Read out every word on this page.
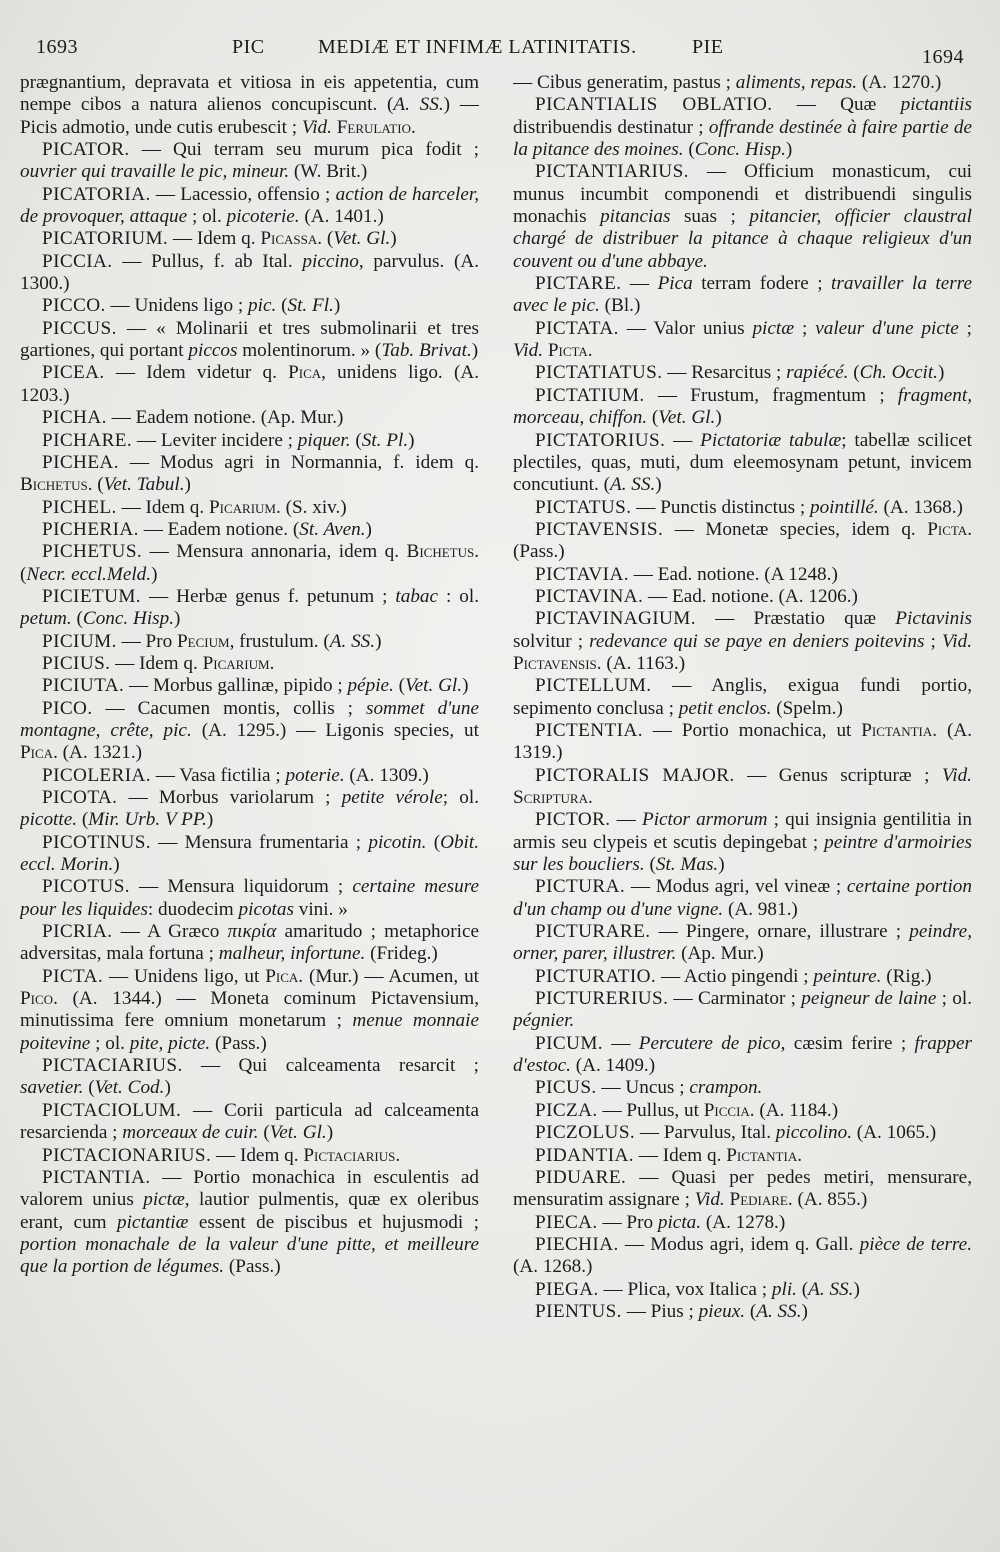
1693	PIC	MEDIÆ ET INFIMÆ LATINITATIS.	PIE	1694

prægnantium, depravata et vitiosa in eis appetentia, cum nempe cibos a natura alienos concupiscunt. (A. SS.) — Picis admotio, unde cutis erubescit ; Vid. Ferulatio.

PICATOR. — Qui terram seu murum pica fodit ; ouvrier qui travaille le pic, mineur. (W. Brit.)

PICATORIA. — Lacessio, offensio ; action de harceler, de provoquer, attaque ; ol. picoterie. (A. 1401.)

PICATORIUM. — Idem q. Picassa. (Vet. Gl.)

PICCIA. — Pullus, f. ab Ital. piccino, parvulus. (A. 1300.)

PICCO. — Unidens ligo ; pic. (St. Fl.)

PICCUS. — « Molinarii et tres submolinarii et tres gartiones, qui portant piccos molentinorum. » (Tab. Brivat.)

PICEA. — Idem videtur q. Pica, unidens ligo. (A. 1203.)

PICHA. — Eadem notione. (Ap. Mur.)

PICHARE. — Leviter incidere ; piquer. (St. Pl.)

PICHEA. — Modus agri in Normannia, f. idem q. Bichetus. (Vet. Tabul.)

PICHEL. — Idem q. Picarium. (S. xiv.)

PICHERIA. — Eadem notione. (St. Aven.)

PICHETUS. — Mensura annonaria, idem q. Bichetus. (Necr. eccl.Meld.)

PICIETUM. — Herbæ genus f. petunum ; tabac : ol. petum. (Conc. Hisp.)

PICIUM. — Pro Pecium, frustulum. (A. SS.)

PICIUS. — Idem q. Picarium.

PICIUTA. — Morbus gallinæ, pipido ; pépie. (Vet. Gl.)

PICO. — Cacumen montis, collis ; sommet d'une montagne, crête, pic. (A. 1295.) — Ligonis species, ut Pica. (A. 1321.)

PICOLERIA. — Vasa fictilia ; poterie. (A. 1309.)

PICOTA. — Morbus variolarum ; petite vérole; ol. picotte. (Mir. Urb. V PP.)

PICOTINUS. — Mensura frumentaria ; picotin. (Obit. eccl. Morin.)

PICOTUS. — Mensura liquidorum ; certaine mesure pour les liquides: duodecim picotas vini. »

PICRIA. — A Græco πικρία amaritudo ; metaphorice adversitas, mala fortuna ; malheur, infortune. (Frideg.)

PICTA. — Unidens ligo, ut Pica. (Mur.) — Acumen, ut Pico. (A. 1344.) — Moneta cominum Pictavensium, minutissima fere omnium monetarum ; menue monnaie poitevine ; ol. pite, picte. (Pass.)

PICTACIARIUS. — Qui calceamenta resarcit ; savetier. (Vet. Cod.)

PICTACIOLUM. — Corii particula ad calceamenta resarcienda ; morceaux de cuir. (Vet. Gl.)

PICTACIONARIUS. — Idem q. Pictaciarius.

PICTANTIA. — Portio monachica in esculentis ad valorem unius pictæ, lautior pulmentis, quæ ex oleribus erant, cum pictantiæ essent de piscibus et hujusmodi ; portion monachale de la valeur d'une pitte, et meilleure que la portion de légumes. (Pass.)

— Cibus generatim, pastus ; aliments, repas. (A. 1270.)

PICANTIALIS OBLATIO. — Quæ pictantiis distribuendis destinatur ; offrande destinée à faire partie de la pitance des moines. (Conc. Hisp.)

PICTANTIARIUS. — Officium monasticum, cui munus incumbit componendi et distribuendi singulis monachis pitancias suas ; pitancier, officier claustral chargé de distribuer la pitance à chaque religieux d'un couvent ou d'une abbaye.

PICTARE. — Pica terram fodere ; travailler la terre avec le pic. (Bl.)

PICTATA. — Valor unius pictæ ; valeur d'une picte ; Vid. Picta.

PICTATIATUS. — Resarcitus ; rapiécé. (Ch. Occit.)

PICTATIUM. — Frustum, fragmentum ; fragment, morceau, chiffon. (Vet. Gl.)

PICTATORIUS. — Pictatoriæ tabulæ; tabellæ scilicet plectiles, quas, muti, dum eleemosynam petunt, invicem concutiunt. (A. SS.)

PICTATUS. — Punctis distinctus ; pointillé. (A. 1368.)

PICTAVENSIS. — Monetæ species, idem q. Picta. (Pass.)

PICTAVIA. — Ead. notione. (A 1248.)

PICTAVINA. — Ead. notione. (A. 1206.)

PICTAVINAGIUM. — Præstatio quæ Pictavinis solvitur ; redevance qui se paye en deniers poitevins ; Vid. Pictavensis. (A. 1163.)

PICTELLUM. — Anglis, exigua fundi portio, sepimento conclusa ; petit enclos. (Spelm.)

PICTENTIA. — Portio monachica, ut Pictantia. (A. 1319.)

PICTORALIS MAJOR. — Genus scripturæ ; Vid. Scriptura.

PICTOR. — Pictor armorum ; qui insignia gentilitia in armis seu clypeis et scutis depingebat ; peintre d'armoiries sur les boucliers. (St. Mas.)

PICTURA. — Modus agri, vel vineæ ; certaine portion d'un champ ou d'une vigne. (A. 981.)

PICTURARE. — Pingere, ornare, illustrare ; peindre, orner, parer, illustrer. (Ap. Mur.)

PICTURATIO. — Actio pingendi ; peinture. (Rig.)

PICTURERIUS. — Carminator ; peigneur de laine ; ol. pégnier.

PICUM. — Percutere de pico, cæsim ferire ; frapper d'estoc. (A. 1409.)

PICUS. — Uncus ; crampon.

PICZA. — Pullus, ut Piccia. (A. 1184.)

PICZOLUS. — Parvulus, Ital. piccolino. (A. 1065.)

PIDANTIA. — Idem q. Pictantia.

PIDUARE. — Quasi per pedes metiri, mensurare, mensuratim assignare ; Vid. Pediare. (A. 855.)

PIECA. — Pro picta. (A. 1278.)

PIECHIA. — Modus agri, idem q. Gall. pièce de terre. (A. 1268.)

PIEGA. — Plica, vox Italica ; pli. (A. SS.)

PIENTUS. — Pius ; pieux. (A. SS.)
